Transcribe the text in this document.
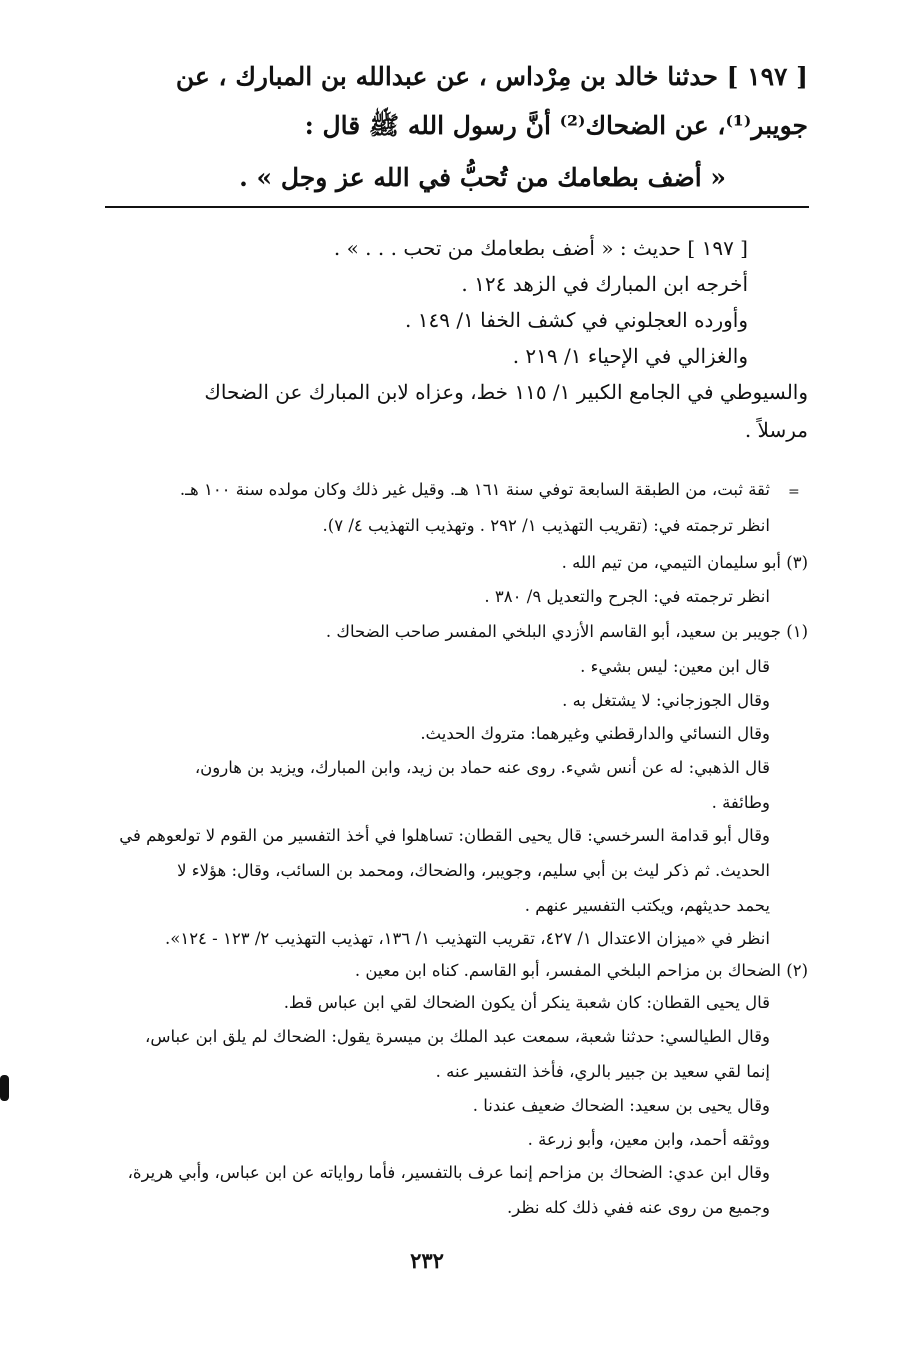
[ ١٩٧ ] حدثنا خالد بن مِرْداس ، عن عبدالله بن المبارك ، عن
جويبر⁽¹⁾، عن الضحاك⁽²⁾ أنَّ رسول الله ﷺ قال :
« أضف بطعامك من تُحبُّ في الله عز وجل » .
[ ١٩٧ ] حديث : « أضف بطعامك من تحب . . . » .
أخرجه ابن المبارك في الزهد ١٢٤ .
وأورده العجلوني في كشف الخفا ١/ ١٤٩ .
والغزالي في الإحياء ١/ ٢١٩ .
والسيوطي في الجامع الكبير ١/ ١١٥ خط، وعزاه لابن المبارك عن الضحاك
مرسلاً .
=
ثقة ثبت، من الطبقة السابعة توفي سنة ١٦١ هـ. وقيل غير ذلك وكان مولده سنة ١٠٠ هـ.
انظر ترجمته في: (تقريب التهذيب ١/ ٢٩٢ . وتهذيب التهذيب ٤/ ٧).
(٣) أبو سليمان التيمي، من تيم الله .
انظر ترجمته في: الجرح والتعديل ٩/ ٣٨٠ .
(١) جويبر بن سعيد، أبو القاسم الأزدي البلخي المفسر صاحب الضحاك .
قال ابن معين: ليس بشيء .
وقال الجوزجاني: لا يشتغل به .
وقال النسائي والدارقطني وغيرهما: متروك الحديث.
قال الذهبي: له عن أنس شيء. روى عنه حماد بن زيد، وابن المبارك، ويزيد بن هارون،
وطائفة .
وقال أبو قدامة السرخسي: قال يحيى القطان: تساهلوا في أخذ التفسير من القوم لا تولعوهم في
الحديث. ثم ذكر ليث بن أبي سليم، وجويبر، والضحاك، ومحمد بن السائب، وقال: هؤلاء لا
يحمد حديثهم، ويكتب التفسير عنهم .
انظر في «ميزان الاعتدال ١/ ٤٢٧، تقريب التهذيب ١/ ١٣٦، تهذيب التهذيب ٢/ ١٢٣ - ١٢٤».
(٢) الضحاك بن مزاحم البلخي المفسر، أبو القاسم. كناه ابن معين .
قال يحيى القطان: كان شعبة ينكر أن يكون الضحاك لقي ابن عباس قط.
وقال الطيالسي: حدثنا شعبة، سمعت عبد الملك بن ميسرة يقول: الضحاك لم يلق ابن عباس،
إنما لقي سعيد بن جبير بالري، فأخذ التفسير عنه .
وقال يحيى بن سعيد: الضحاك ضعيف عندنا .
ووثقه أحمد، وابن معين، وأبو زرعة .
وقال ابن عدي: الضحاك بن مزاحم إنما عرف بالتفسير، فأما رواياته عن ابن عباس، وأبي هريرة،
وجميع من روى عنه ففي ذلك كله نظر.
٢٣٢
